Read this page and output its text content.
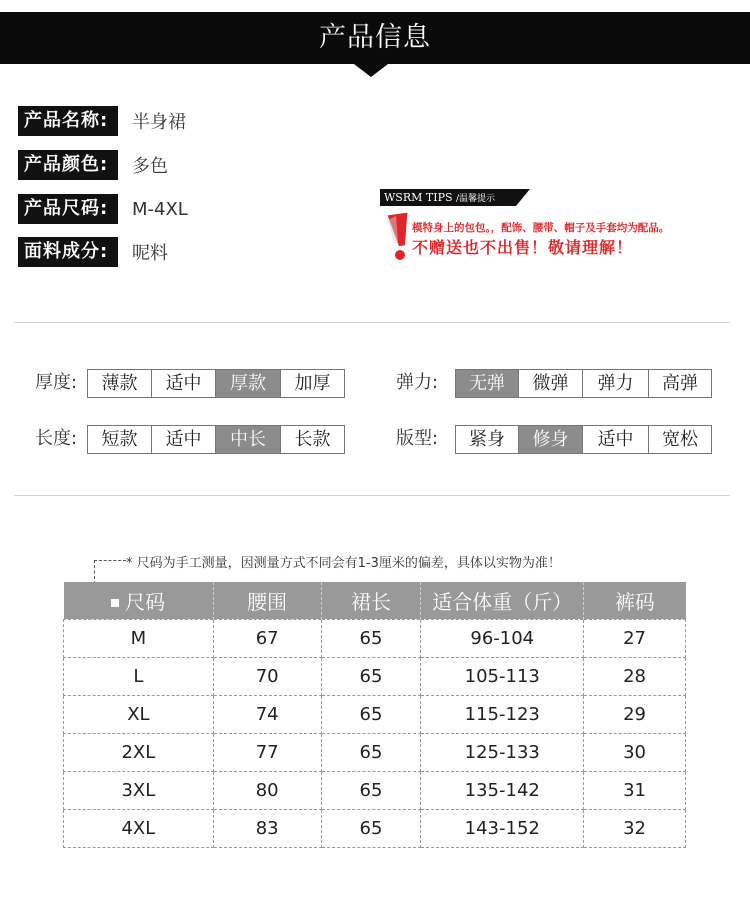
产品信息
产品名称:	半身裙
产品颜色:	多色
产品尺码:	M-4XL
面料成分:	呢料
WSRM TIPS /温馨提示
模特身上的包包。，配饰、腰带、帽子及手套均为配品。
不赠送也不出售！敬请理解！
厚度:	薄款	适中	厚款	加厚	弹力:	无弹	微弹	弹力	高弹
长度:	短款	适中	中长	长款	版型:	紧身	修身	适中	宽松
* 尺码为手工测量，因测量方式不同会有1-3厘米的偏差，具体以实物为准！
尺码	腰围	裙长	适合体重（斤）	裤码
M	67	65	96-104	27
L	70	65	105-113	28
XL	74	65	115-123	29
2XL	77	65	125-133	30
3XL	80	65	135-142	31
4XL	83	65	143-152	32
